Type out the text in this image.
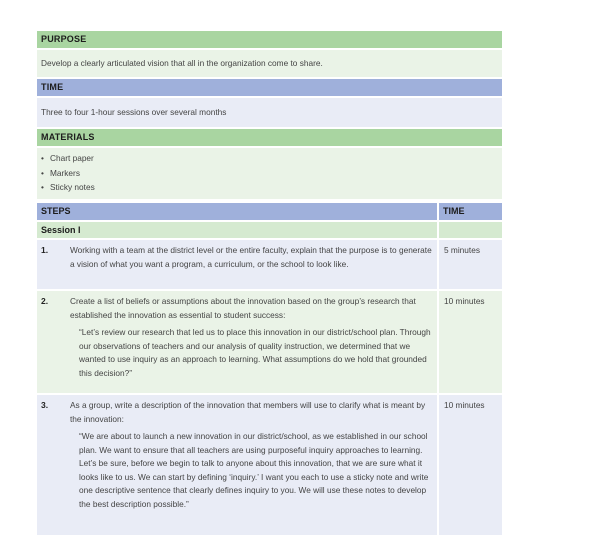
PURPOSE
Develop a clearly articulated vision that all in the organization come to share.
TIME
Three to four 1-hour sessions over several months
MATERIALS
• Chart paper
• Markers
• Sticky notes
STEPS	TIME
Session I
1.	Working with a team at the district level or the entire faculty, explain that the purpose is to generate a vision of what you want a program, a curriculum, or the school to look like.
5 minutes
2.	Create a list of beliefs or assumptions about the innovation based on the group’s research that established the innovation as essential to student success:
“Let’s review our research that led us to place this innovation in our district/school plan. Through our observations of teachers and our analysis of quality instruction, we determined that we wanted to use inquiry as an approach to learning. What assumptions do we hold that grounded this decision?”
10 minutes
3.	As a group, write a description of the innovation that members will use to clarify what is meant by the innovation:
“We are about to launch a new innovation in our district/school, as we established in our school plan. We want to ensure that all teachers are using purposeful inquiry approaches to learning. Let’s be sure, before we begin to talk to anyone about this innovation, that we are sure what it looks like to us. We can start by defining ‘inquiry.’ I want you each to use a sticky note and write one descriptive sentence that clearly defines inquiry to you. We will use these notes to develop the best description possible.”
10 minutes
